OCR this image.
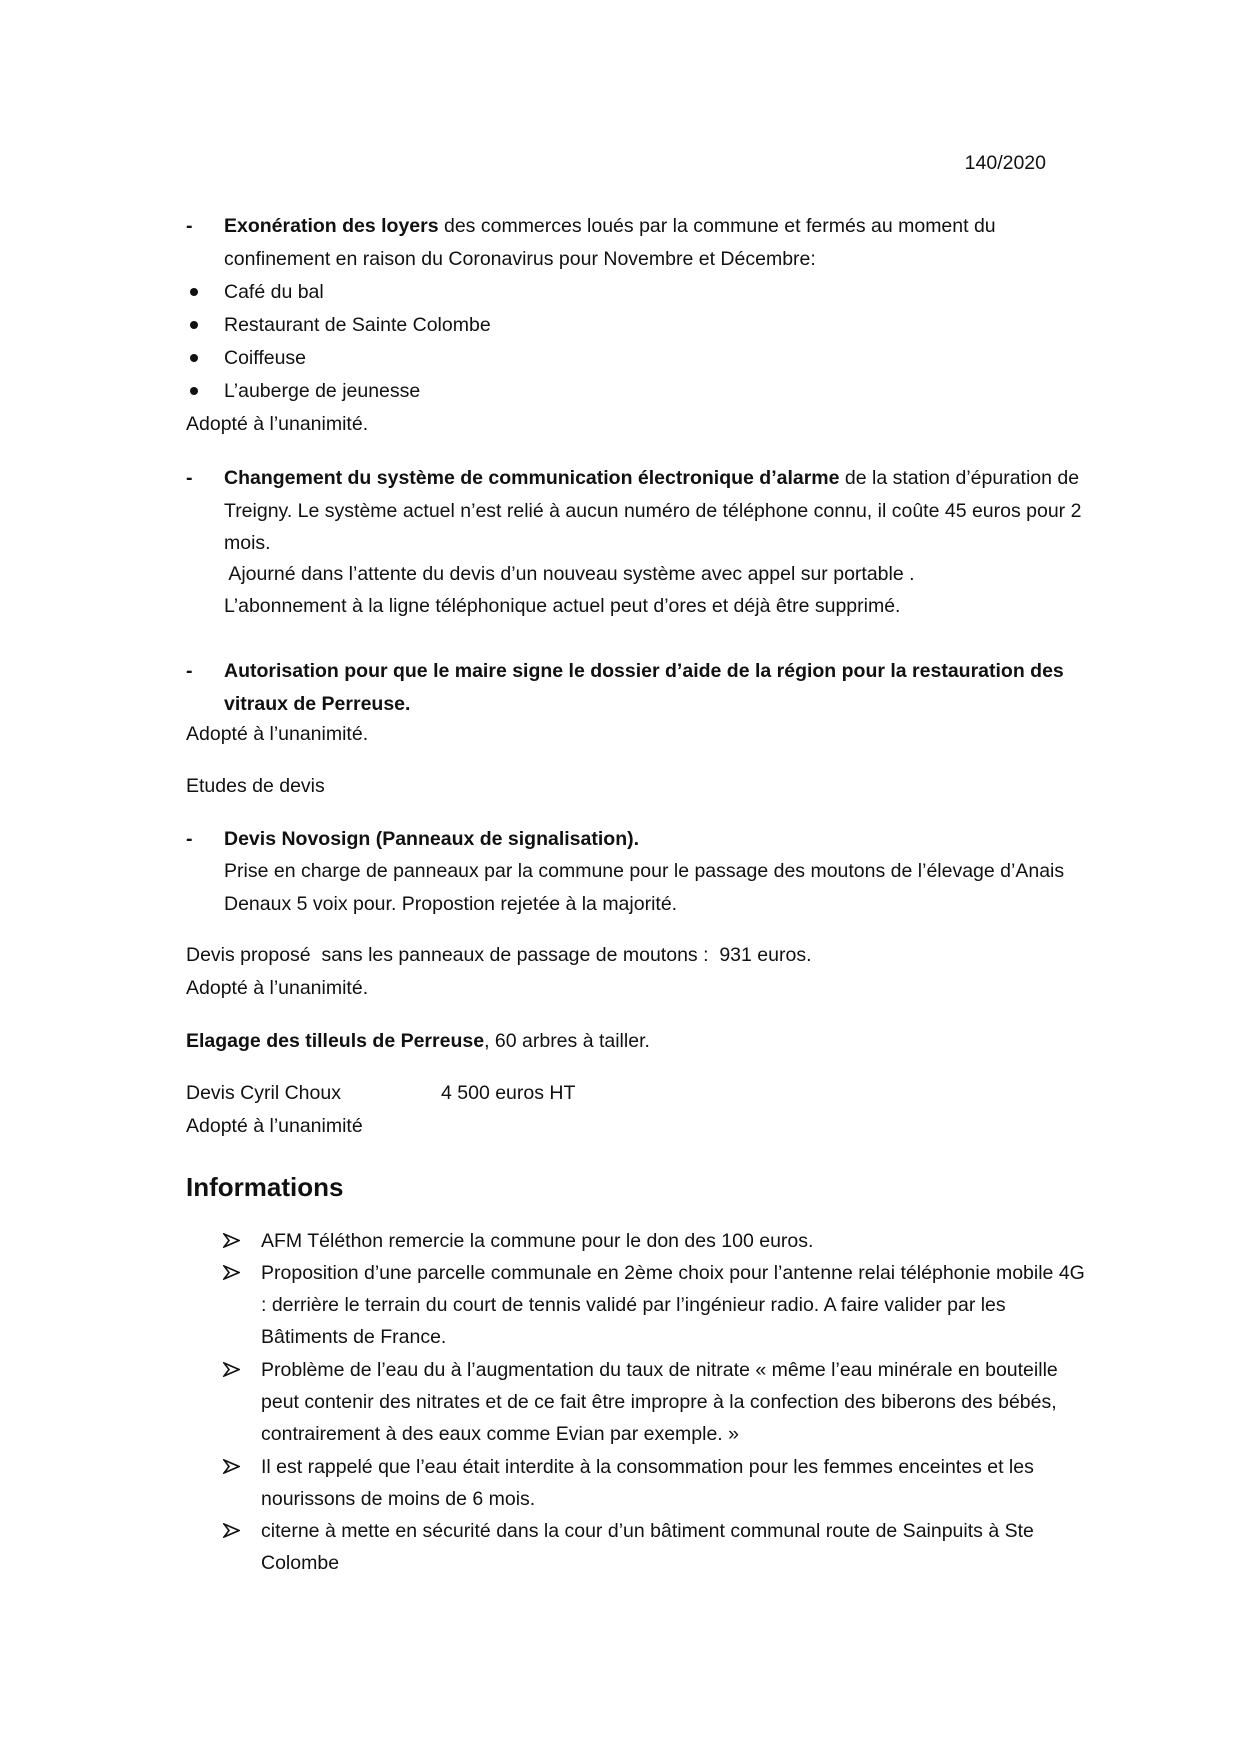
140/2020
- Exonération des loyers des commerces loués par la commune et fermés au moment du confinement en raison du Coronavirus pour Novembre et Décembre:
Café du bal
Restaurant de Sainte Colombe
Coiffeuse
L’auberge de jeunesse
Adopté à l’unanimité.
- Changement du système de communication électronique d’alarme de la station d’épuration de Treigny. Le système actuel n’est relié à aucun numéro de téléphone connu, il coûte 45 euros pour 2 mois.
Ajourné dans l’attente du devis d’un nouveau système avec appel sur portable .
L’abonnement à la ligne téléphonique actuel peut d’ores et déjà être supprimé.
- Autorisation pour que le maire signe le dossier d’aide de la région pour la restauration des vitraux de Perreuse.
Adopté à l’unanimité.
Etudes de devis
- Devis Novosign (Panneaux de signalisation).
Prise en charge de panneaux par la commune pour le passage des moutons de l’élevage d’Anais Denaux 5 voix pour. Propostion rejetée à la majorité.
Devis proposé  sans les panneaux de passage de moutons :  931 euros.
Adopté à l’unanimité.
Elagage des tilleuls de Perreuse, 60 arbres à tailler.
Devis Cyril Choux	4 500 euros HT
Adopté à l’unanimité
Informations
AFM Téléthon remercie la commune pour le don des 100 euros.
Proposition d’une parcelle communale en 2ème choix pour l’antenne relai téléphonie mobile 4G : derrière le terrain du court de tennis validé par l’ingénieur radio. A faire valider par les Bâtiments de France.
Problème de l’eau du à l’augmentation du taux de nitrate « même l’eau minérale en bouteille peut contenir des nitrates et de ce fait être impropre à la confection des biberons des bébés, contrairement à des eaux comme Evian par exemple. »
Il est rappelé que l’eau était interdite à la consommation pour les femmes enceintes et les nourissons de moins de 6 mois.
citerne à mette en sécurité dans la cour d’un bâtiment communal route de Sainpuits à Ste Colombe
